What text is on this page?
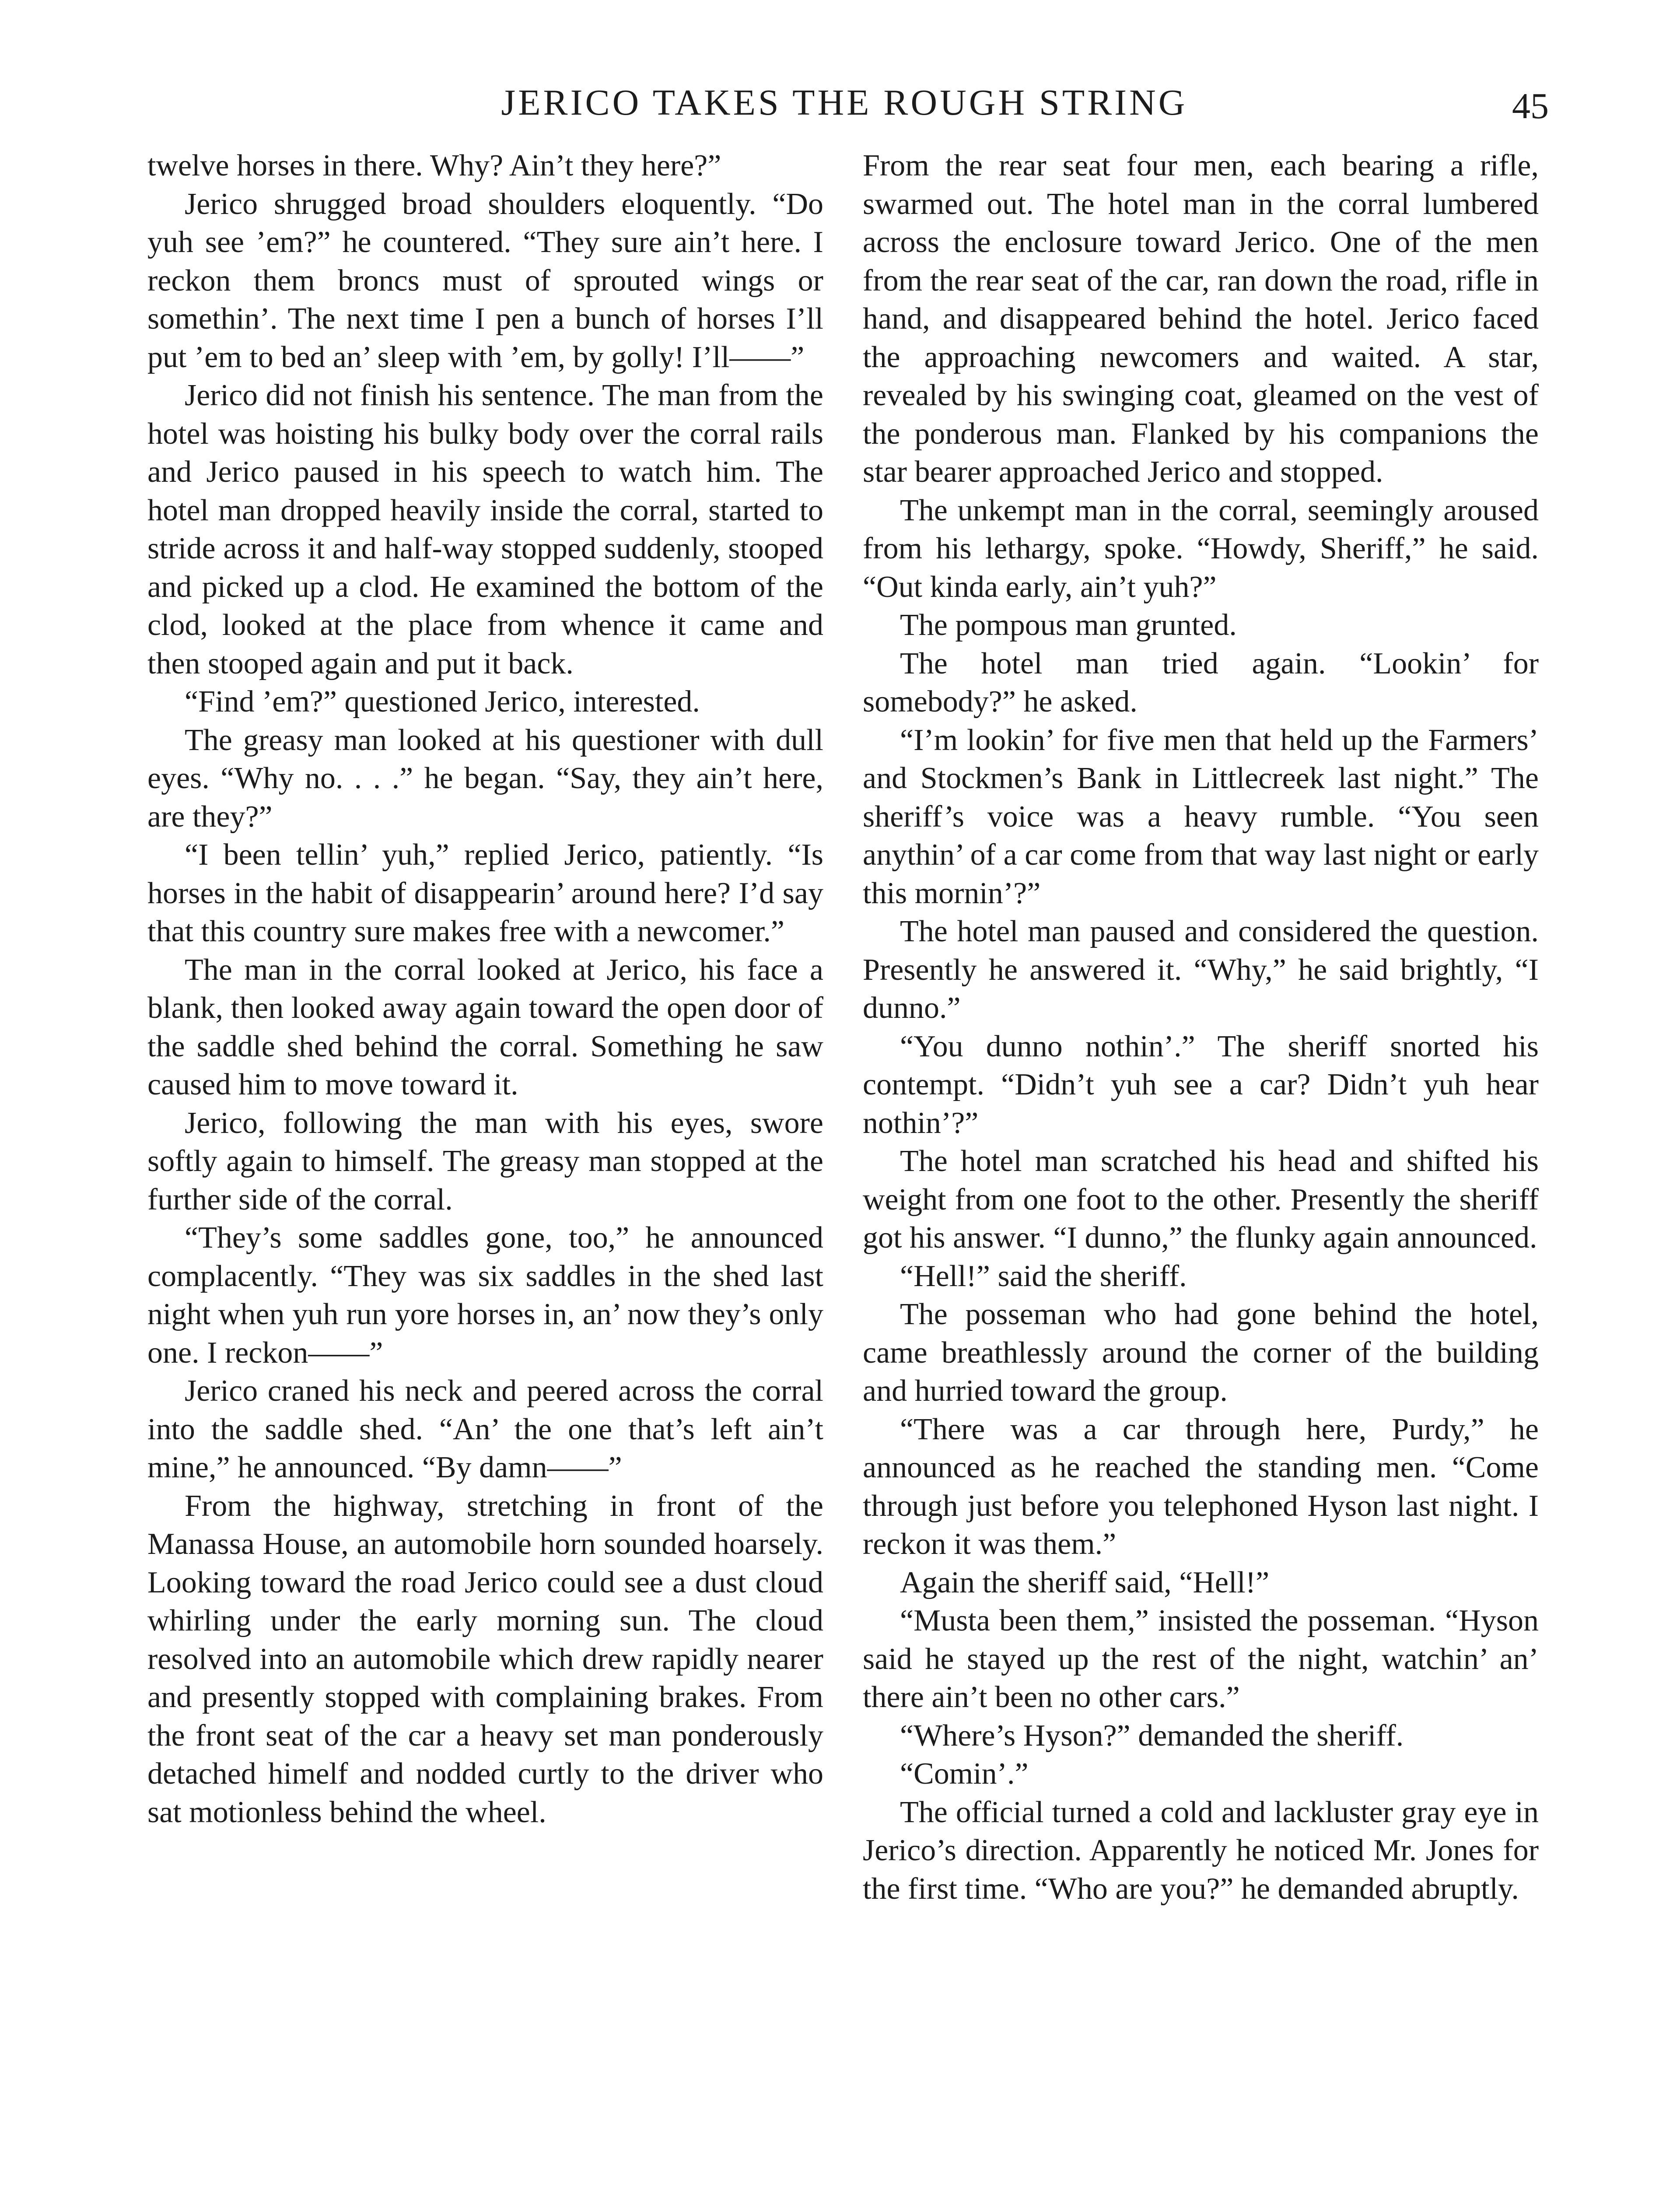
JERICO TAKES THE ROUGH STRING	45

twelve horses in there. Why? Ain’t they here?”

Jerico shrugged broad shoulders eloquently. “Do yuh see ’em?” he countered. “They sure ain’t here. I reckon them broncs must of sprouted wings or somethin’. The next time I pen a bunch of horses I’ll put ’em to bed an’ sleep with ’em, by golly! I’ll——”

Jerico did not finish his sentence. The man from the hotel was hoisting his bulky body over the corral rails and Jerico paused in his speech to watch him. The hotel man dropped heavily inside the corral, started to stride across it and half-way stopped suddenly, stooped and picked up a clod. He examined the bottom of the clod, looked at the place from whence it came and then stooped again and put it back.

“Find ’em?” questioned Jerico, interested.

The greasy man looked at his questioner with dull eyes. “Why no. . . .” he began. “Say, they ain’t here, are they?”

“I been tellin’ yuh,” replied Jerico, patiently. “Is horses in the habit of disappearin’ around here? I’d say that this country sure makes free with a newcomer.”

The man in the corral looked at Jerico, his face a blank, then looked away again toward the open door of the saddle shed behind the corral. Something he saw caused him to move toward it.

Jerico, following the man with his eyes, swore softly again to himself. The greasy man stopped at the further side of the corral.

“They’s some saddles gone, too,” he announced complacently. “They was six saddles in the shed last night when yuh run yore horses in, an’ now they’s only one. I reckon——”

Jerico craned his neck and peered across the corral into the saddle shed. “An’ the one that’s left ain’t mine,” he announced. “By damn——”

From the highway, stretching in front of the Manassa House, an automobile horn sounded hoarsely. Looking toward the road Jerico could see a dust cloud whirling under the early morning sun. The cloud resolved into an automobile which drew rapidly nearer and presently stopped with complaining brakes. From the front seat of the car a heavy set man ponderously detached himelf and nodded curtly to the driver who sat motionless behind the wheel.

From the rear seat four men, each bearing a rifle, swarmed out. The hotel man in the corral lumbered across the enclosure toward Jerico. One of the men from the rear seat of the car, ran down the road, rifle in hand, and disappeared behind the hotel. Jerico faced the approaching newcomers and waited. A star, revealed by his swinging coat, gleamed on the vest of the ponderous man. Flanked by his companions the star bearer approached Jerico and stopped.

The unkempt man in the corral, seemingly aroused from his lethargy, spoke. “Howdy, Sheriff,” he said. “Out kinda early, ain’t yuh?”

The pompous man grunted.

The hotel man tried again. “Lookin’ for somebody?” he asked.

“I’m lookin’ for five men that held up the Farmers’ and Stockmen’s Bank in Littlecreek last night.” The sheriff’s voice was a heavy rumble. “You seen anythin’ of a car come from that way last night or early this mornin’?”

The hotel man paused and considered the question. Presently he answered it. “Why,” he said brightly, “I dunno.”

“You dunno nothin’.” The sheriff snorted his contempt. “Didn’t yuh see a car? Didn’t yuh hear nothin’?”

The hotel man scratched his head and shifted his weight from one foot to the other. Presently the sheriff got his answer. “I dunno,” the flunky again announced.

“Hell!” said the sheriff.

The posseman who had gone behind the hotel, came breathlessly around the corner of the building and hurried toward the group.

“There was a car through here, Purdy,” he announced as he reached the standing men. “Come through just before you telephoned Hyson last night. I reckon it was them.”

Again the sheriff said, “Hell!”

“Musta been them,” insisted the posseman. “Hyson said he stayed up the rest of the night, watchin’ an’ there ain’t been no other cars.”

“Where’s Hyson?” demanded the sheriff.

“Comin’.”

The official turned a cold and lackluster gray eye in Jerico’s direction. Apparently he noticed Mr. Jones for the first time. “Who are you?” he demanded abruptly.
